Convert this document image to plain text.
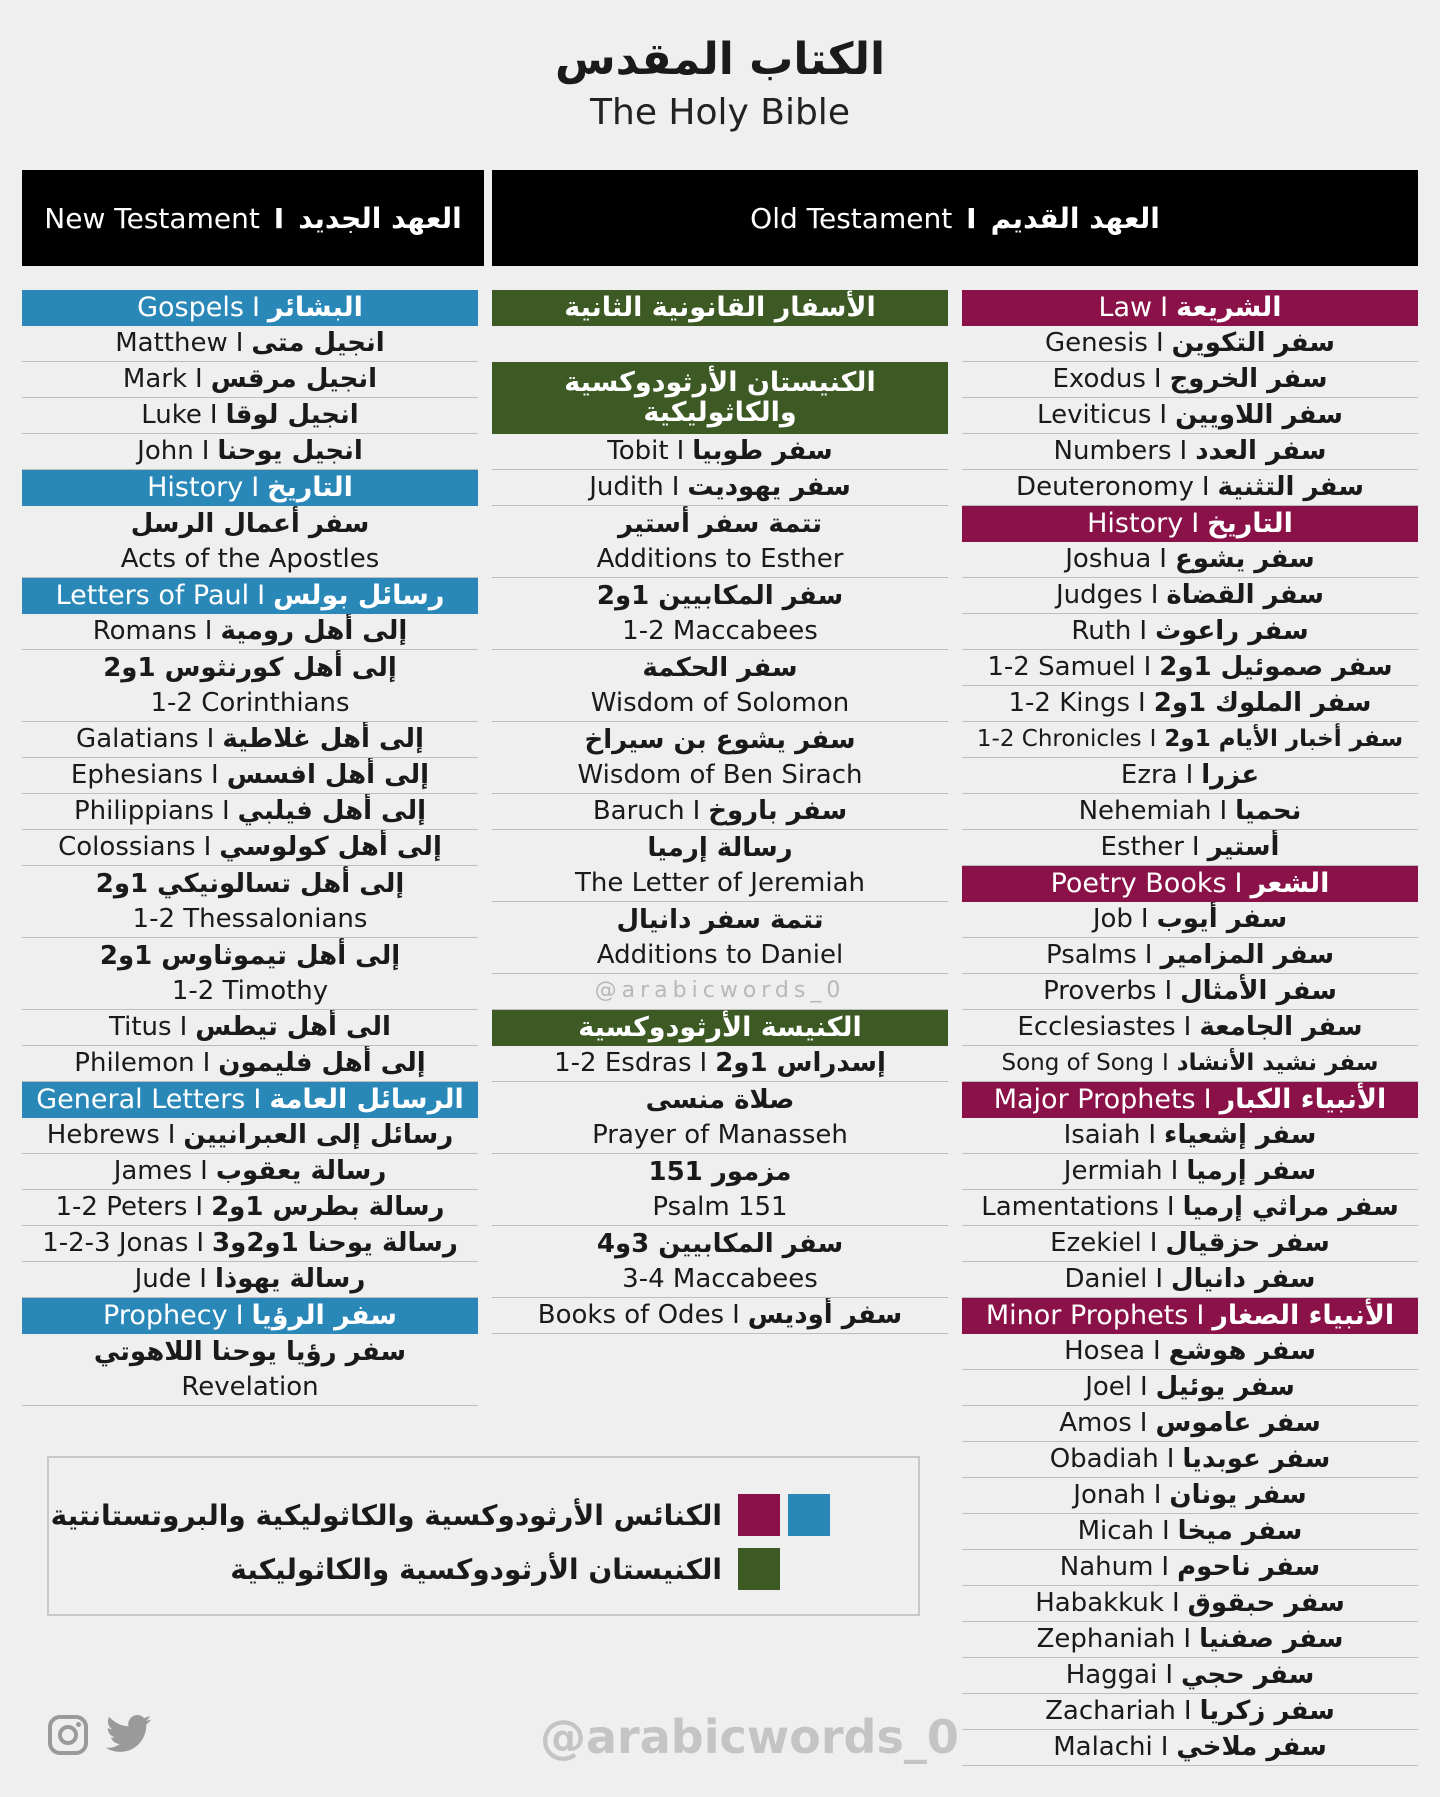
الكتاب المقدس
The Holy Bible
New Testament I العهد الجديد	Old Testament I العهد القديم
Gospels I البشائر
Matthew I انجيل متى
Mark I انجيل مرقس
Luke I انجيل لوقا
John I انجيل يوحنا
History I التاريخ
سفر أعمال الرسل
Acts of the Apostles
Letters of Paul I رسائل بولس
Romans I إلى أهل رومية
إلى أهل كورنثوس 1و2
1-2 Corinthians
Galatians I إلى أهل غلاطية
Ephesians I إلى أهل افسس
Philippians I إلى أهل فيلبي
Colossians I إلى أهل كولوسي
إلى أهل تسالونيكي 1و2
1-2 Thessalonians
إلى أهل تيموثاوس 1و2
1-2 Timothy
Titus I الى أهل تيطس
Philemon I إلى أهل فليمون
General Letters I الرسائل العامة
Hebrews I رسائل إلى العبرانيين
James I رسالة يعقوب
1-2 Peters I رسالة بطرس 1و2
1-2-3 Jonas I رسالة يوحنا 1و2و3
Jude I رسالة يهوذا
Prophecy I سفر الرؤيا
سفر رؤيا يوحنا اللاهوتي
Revelation
الأسفار القانونية الثانية
الكنيستان الأرثودوكسية والكاثوليكية
Tobit I سفر طوبيا
Judith I سفر يهوديت
تتمة سفر أستير
Additions to Esther
سفر المكابيين 1و2
1-2 Maccabees
سفر الحكمة
Wisdom of Solomon
سفر يشوع بن سيراخ
Wisdom of Ben Sirach
Baruch I سفر باروخ
رسالة إرميا
The Letter of Jeremiah
تتمة سفر دانيال
Additions to Daniel
@arabicwords_0
الكنيسة الأرثودوكسية
1-2 Esdras I إسدراس 1و2
صلاة منسى
Prayer of Manasseh
مزمور 151
Psalm 151
سفر المكابيين 3و4
3-4 Maccabees
Books of Odes I سفر أوديس
Law I الشريعة
Genesis I سفر التكوين
Exodus I سفر الخروج
Leviticus I سفر اللاويين
Numbers I سفر العدد
Deuteronomy I سفر التثنية
History I التاريخ
Joshua I سفر يشوع
Judges I سفر القضاة
Ruth I سفر راعوث
1-2 Samuel I سفر صموئيل 1و2
1-2 Kings I سفر الملوك 1و2
1-2 Chronicles I سفر أخبار الأيام 1و2
Ezra I عزرا
Nehemiah I نحميا
Esther I أستير
Poetry Books I الشعر
Job I سفر أيوب
Psalms I سفر المزامير
Proverbs I سفر الأمثال
Ecclesiastes I سفر الجامعة
Song of Song I سفر نشيد الأنشاد
Major Prophets I الأنبياء الكبار
Isaiah I سفر إشعياء
Jermiah I سفر إرميا
Lamentations I سفر مراثي إرميا
Ezekiel I سفر حزقيال
Daniel I سفر دانيال
Minor Prophets I الأنبياء الصغار
Hosea I سفر هوشع
Joel I سفر يوئيل
Amos I سفر عاموس
Obadiah I سفر عوبديا
Jonah I سفر يونان
Micah I سفر ميخا
Nahum I سفر ناحوم
Habakkuk I سفر حبقوق
Zephaniah I سفر صفنيا
Haggai I سفر حجي
Zachariah I سفر زكريا
Malachi I سفر ملاخي
الكنائس الأرثودوكسية والكاثوليكية والبروتستانتية
الكنيستان الأرثودوكسية والكاثوليكية
@arabicwords_0
